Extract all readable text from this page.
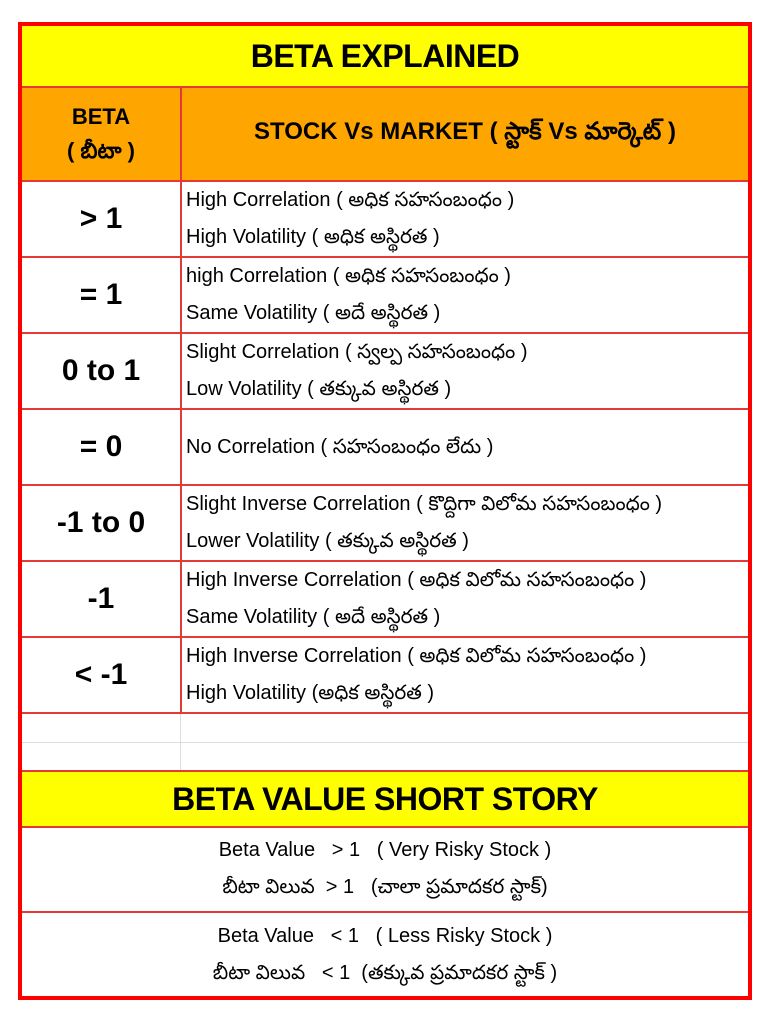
BETA EXPLAINED
BETA
( బీటా )
STOCK Vs MARKET ( స్టాక్ Vs మార్కెట్ )
> 1
High Correlation ( అధిక సహసంబంధం )
High Volatility ( అధిక అస్థిరత )
= 1
high Correlation ( అధిక సహసంబంధం )
Same Volatility ( అదే అస్థిరత )
0 to 1
Slight Correlation ( స్వల్ప సహసంబంధం )
Low Volatility ( తక్కువ అస్థిరత )
= 0	No Correlation ( సహసంబంధం లేదు )
-1 to 0
Slight Inverse Correlation ( కొద్దిగా విలోమ సహసంబంధం )
Lower Volatility ( తక్కువ అస్థిరత )
-1
High Inverse Correlation ( అధిక విలోమ సహసంబంధం )
Same Volatility ( అదే అస్థిరత )
< -1
High Inverse Correlation ( అధిక విలోమ సహసంబంధం )
High Volatility (అధిక అస్థిరత )
BETA VALUE SHORT STORY
Beta Value   > 1   ( Very Risky Stock )
బీటా విలువ  > 1   (చాలా ప్రమాదకర స్టాక్)
Beta Value   < 1   ( Less Risky Stock )
బీటా విలువ   < 1  (తక్కువ ప్రమాదకర స్టాక్ )
